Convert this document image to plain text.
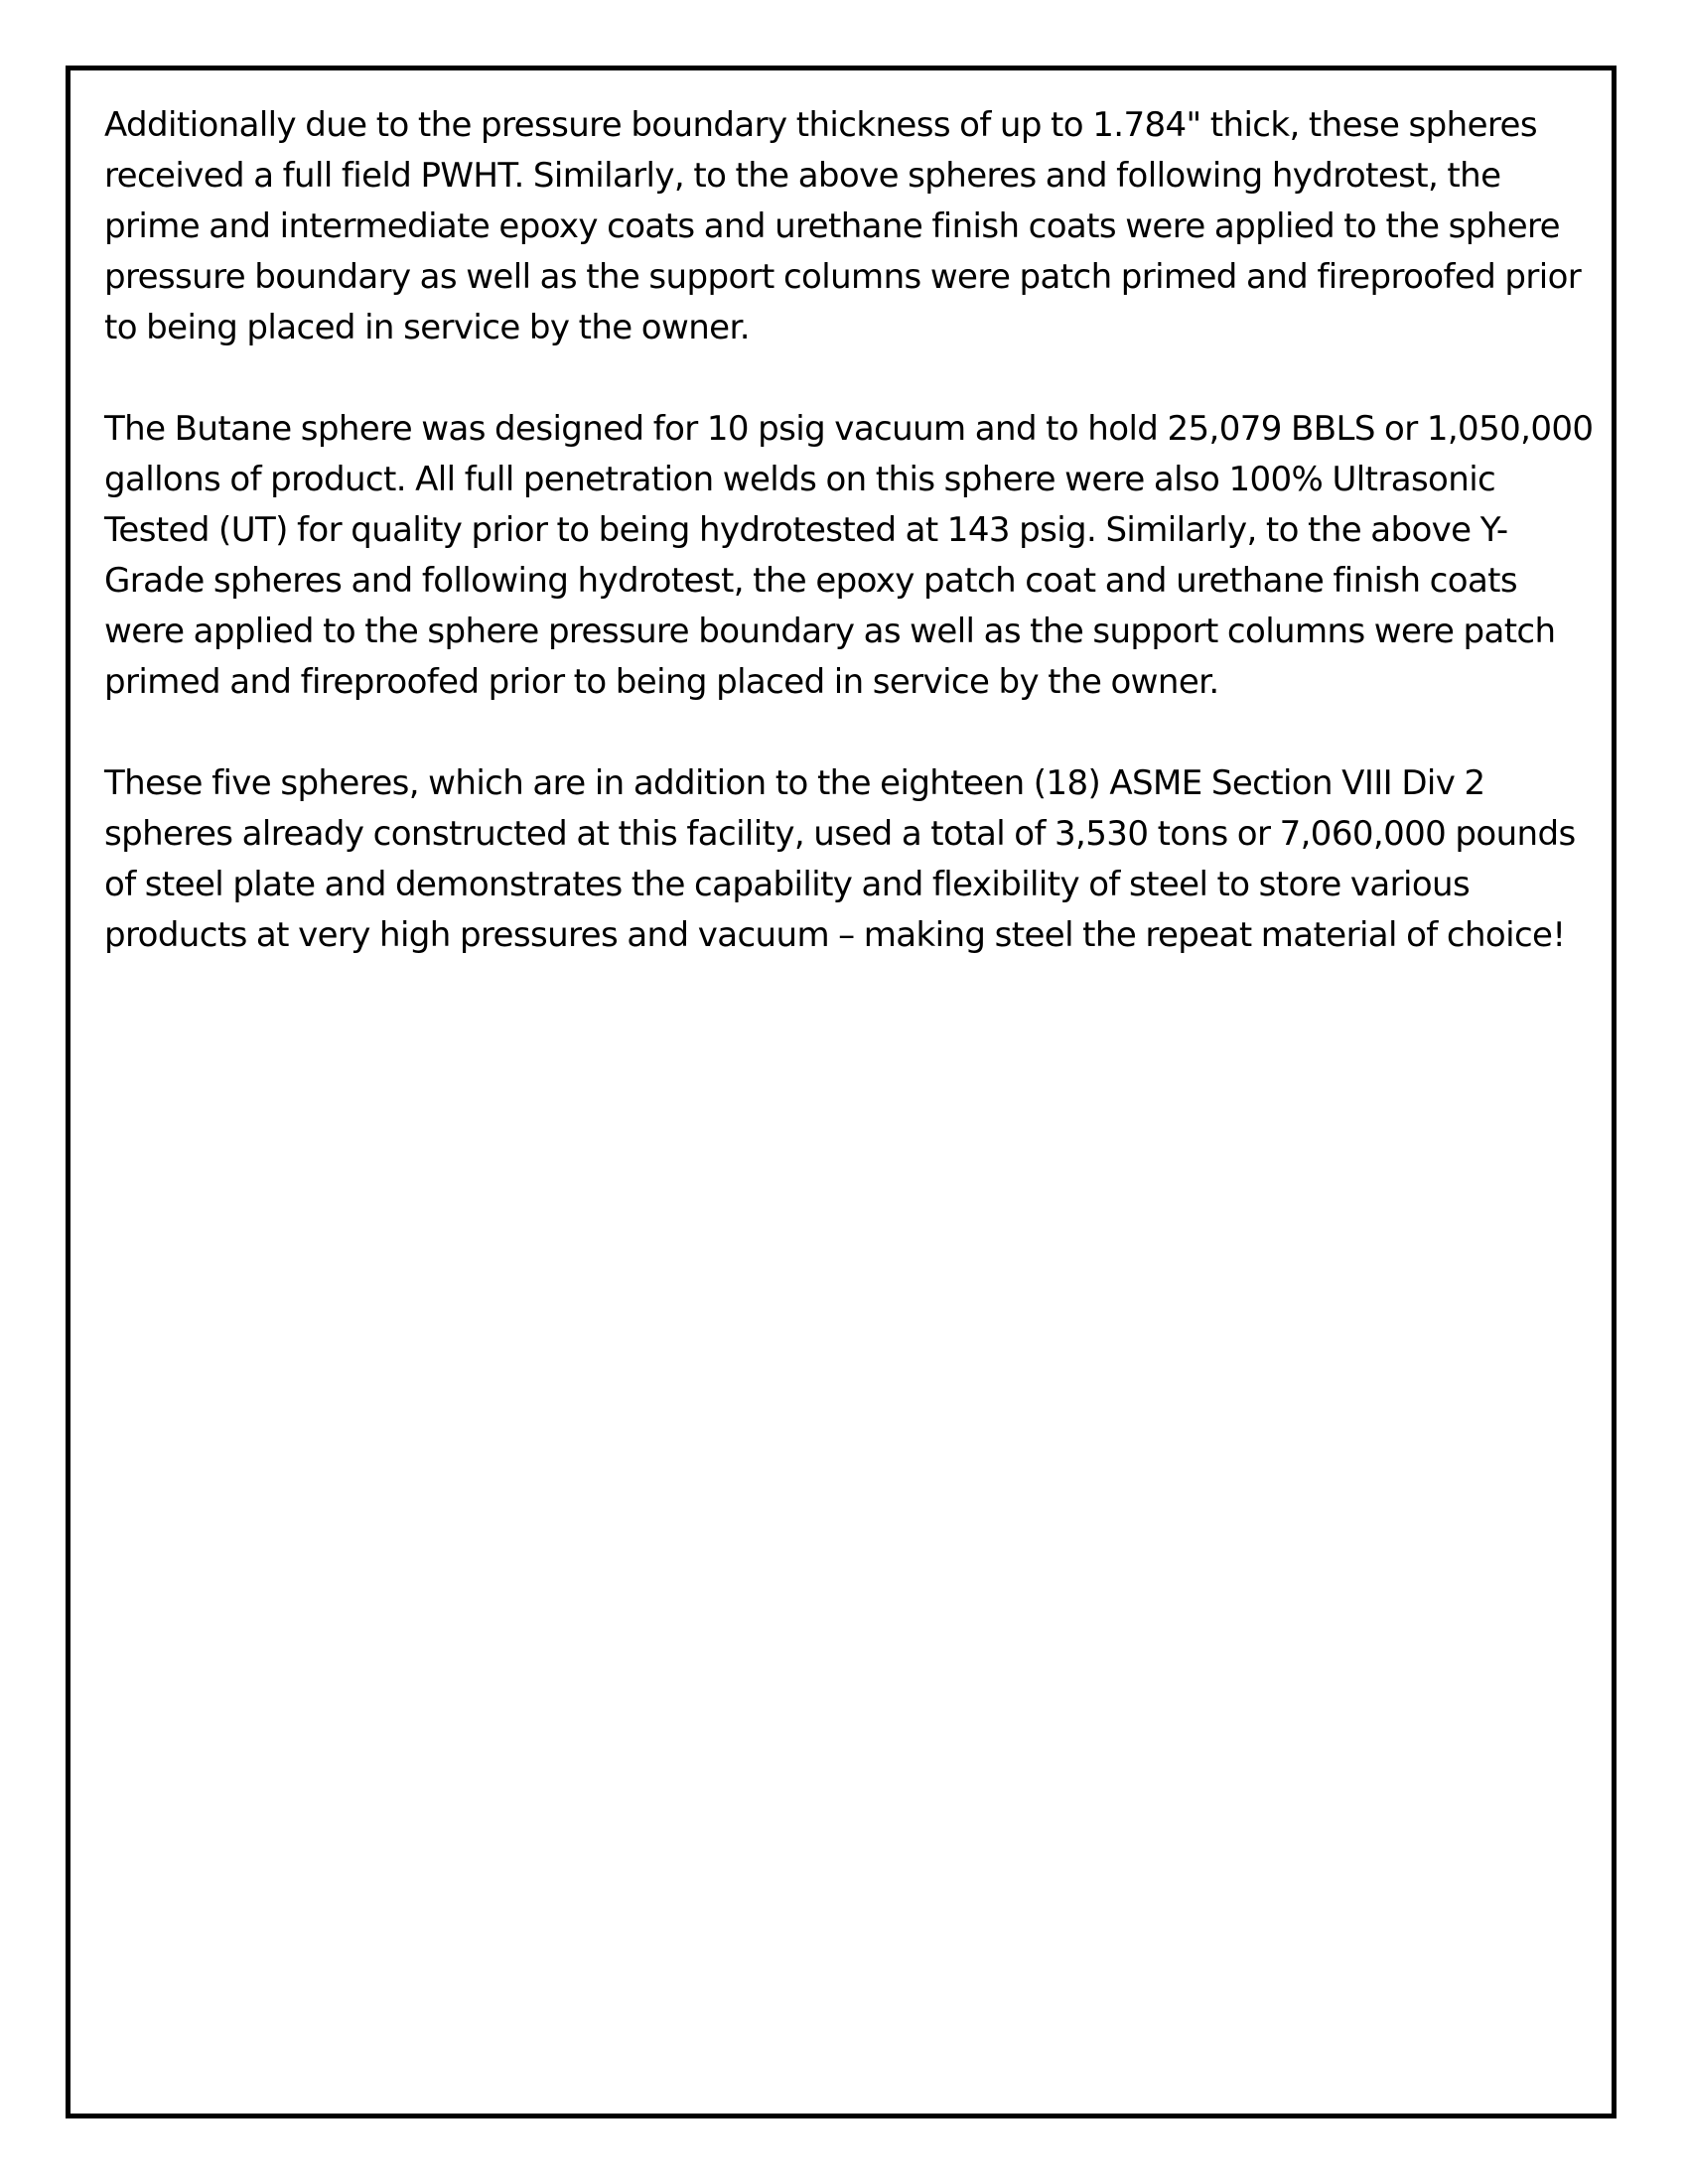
Additionally due to the pressure boundary thickness of up to 1.784" thick, these spheres received a full field PWHT. Similarly, to the above spheres and following hydrotest, the prime and intermediate epoxy coats and urethane finish coats were applied to the sphere pressure boundary as well as the support columns were patch primed and fireproofed prior to being placed in service by the owner.

The Butane sphere was designed for 10 psig vacuum and to hold 25,079 BBLS or 1,050,000 gallons of product. All full penetration welds on this sphere were also 100% Ultrasonic Tested (UT) for quality prior to being hydrotested at 143 psig. Similarly, to the above Y-Grade spheres and following hydrotest, the epoxy patch coat and urethane finish coats were applied to the sphere pressure boundary as well as the support columns were patch primed and fireproofed prior to being placed in service by the owner.

These five spheres, which are in addition to the eighteen (18) ASME Section VIII Div 2 spheres already constructed at this facility, used a total of 3,530 tons or 7,060,000 pounds of steel plate and demonstrates the capability and flexibility of steel to store various products at very high pressures and vacuum – making steel the repeat material of choice!
